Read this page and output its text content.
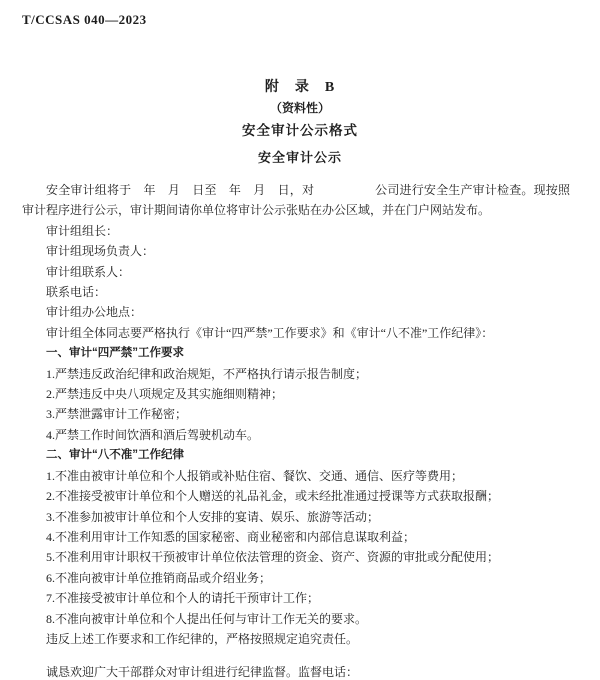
T/CCSAS 040—2023
附　录　B
（资料性）
安全审计公示格式
安全审计公示

安全审计组将于　年　月　日至　年　月　日，对　　　　　公司进行安全生产审计检查。现按照审计程序进行公示，审计期间请你单位将审计公示张贴在办公区域，并在门户网站发布。

审计组组长：

审计组现场负责人：

审计组联系人：

联系电话：

审计组办公地点：

审计组全体同志要严格执行《审计“四严禁”工作要求》和《审计“八不准”工作纪律》：

一、审计“四严禁”工作要求

1.严禁违反政治纪律和政治规矩，不严格执行请示报告制度；

2.严禁违反中央八项规定及其实施细则精神；

3.严禁泄露审计工作秘密；

4.严禁工作时间饮酒和酒后驾驶机动车。

二、审计“八不准”工作纪律

1.不准由被审计单位和个人报销或补贴住宿、餐饮、交通、通信、医疗等费用；

2.不准接受被审计单位和个人赠送的礼品礼金，或未经批准通过授课等方式获取报酬；

3.不准参加被审计单位和个人安排的宴请、娱乐、旅游等活动；

4.不准利用审计工作知悉的国家秘密、商业秘密和内部信息谋取利益；

5.不准利用审计职权干预被审计单位依法管理的资金、资产、资源的审批或分配使用；

6.不准向被审计单位推销商品或介绍业务；

7.不准接受被审计单位和个人的请托干预审计工作；

8.不准向被审计单位和个人提出任何与审计工作无关的要求。

违反上述工作要求和工作纪律的，严格按照规定追究责任。

诚恳欢迎广大干部群众对审计组进行纪律监督。监督电话：
